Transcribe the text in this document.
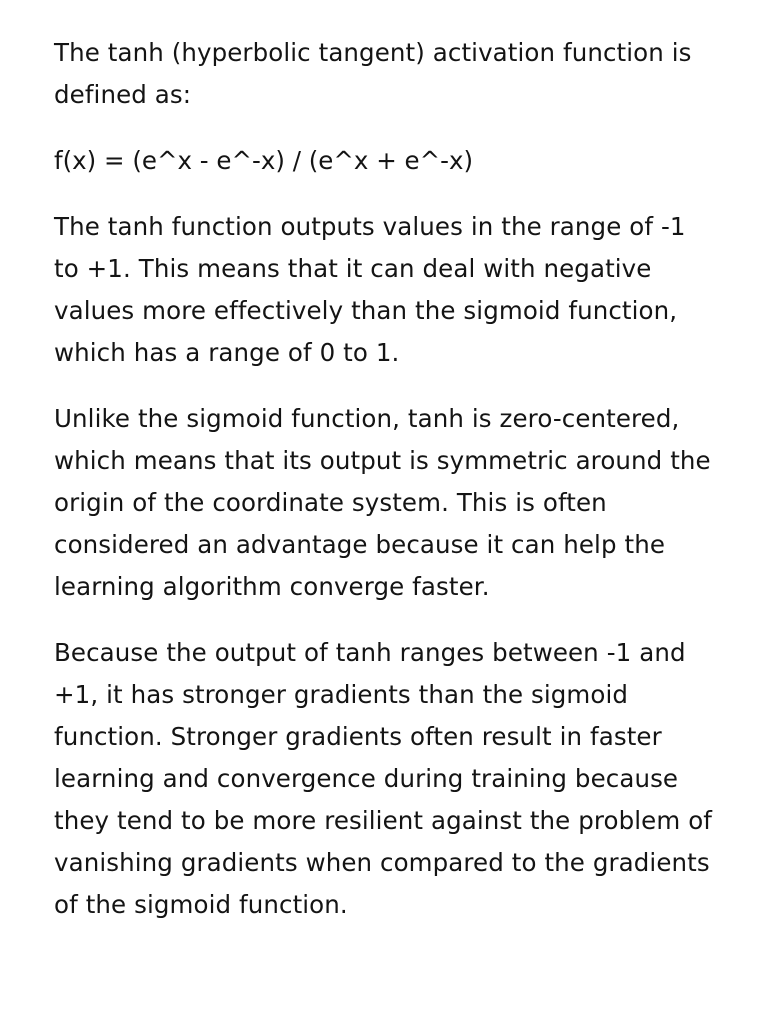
The tanh (hyperbolic tangent) activation function is defined as:

f(x) = (e^x - e^-x) / (e^x + e^-x)

The tanh function outputs values in the range of -1 to +1. This means that it can deal with negative values more effectively than the sigmoid function, which has a range of 0 to 1.

Unlike the sigmoid function, tanh is zero-centered, which means that its output is symmetric around the origin of the coordinate system. This is often considered an advantage because it can help the learning algorithm converge faster.

Because the output of tanh ranges between -1 and +1, it has stronger gradients than the sigmoid function. Stronger gradients often result in faster learning and convergence during training because they tend to be more resilient against the problem of vanishing gradients when compared to the gradients of the sigmoid function.
